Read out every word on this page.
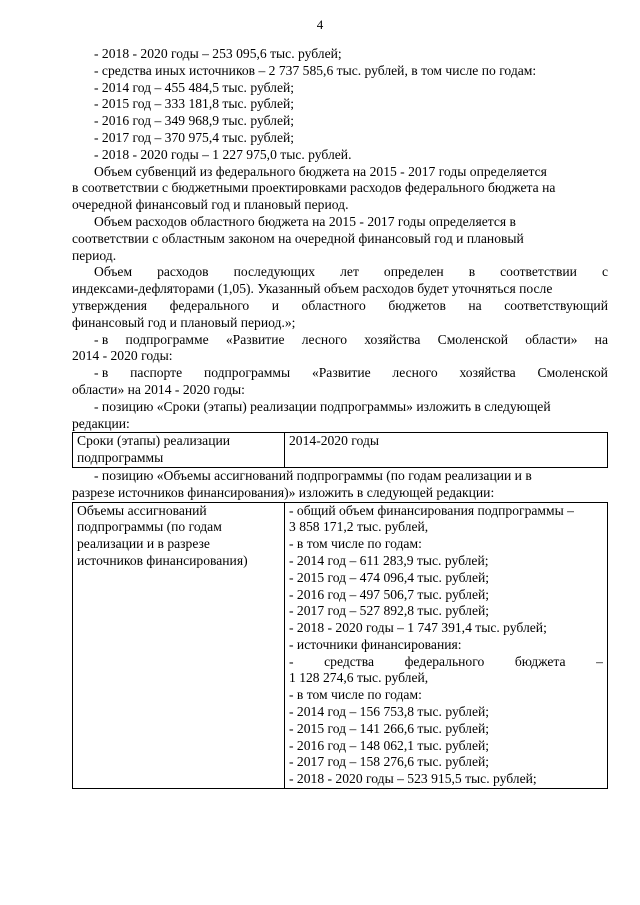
4
- 2018 - 2020 годы – 253 095,6 тыс. рублей;
- средства иных источников – 2 737 585,6 тыс. рублей, в том числе по годам:
- 2014 год – 455 484,5 тыс. рублей;
- 2015 год – 333 181,8 тыс. рублей;
- 2016 год – 349 968,9 тыс. рублей;
- 2017 год – 370 975,4 тыс. рублей;
- 2018 - 2020 годы – 1 227 975,0 тыс. рублей.
Объем субвенций из федерального бюджета на 2015 - 2017 годы определяется
в соответствии с бюджетными проектировками расходов федерального бюджета на
очередной финансовый год и плановый период.
Объем расходов областного бюджета на 2015 - 2017 годы определяется в
соответствии с областным законом на очередной финансовый год и плановый
период.
Объем расходов последующих лет определен в соответствии с
индексами-дефляторами (1,05). Указанный объем расходов будет уточняться после
утверждения федерального и областного бюджетов на соответствующий
финансовый год и плановый период.»;
- в подпрограмме «Развитие лесного хозяйства Смоленской области» на
2014 - 2020 годы:
- в паспорте подпрограммы «Развитие лесного хозяйства Смоленской
области» на 2014 - 2020 годы:
- позицию «Сроки (этапы) реализации подпрограммы» изложить в следующей
редакции:
Сроки (этапы) реализации
подпрограммы

2014-2020 годы
- позицию «Объемы ассигнований подпрограммы (по годам реализации и в
разрезе источников финансирования)» изложить в следующей редакции:
Объемы ассигнований
подпрограммы (по годам
реализации и в разрезе
источников финансирования)

- общий объем финансирования подпрограммы –
3 858 171,2 тыс. рублей,
- в том числе по годам:
- 2014 год – 611 283,9 тыс. рублей;
- 2015 год – 474 096,4 тыс. рублей;
- 2016 год – 497 506,7 тыс. рублей;
- 2017 год – 527 892,8 тыс. рублей;
- 2018 - 2020 годы – 1 747 391,4 тыс. рублей;
- источники финансирования:
- средства федерального бюджета –
1 128 274,6 тыс. рублей,
- в том числе по годам:
- 2014 год – 156 753,8 тыс. рублей;
- 2015 год – 141 266,6 тыс. рублей;
- 2016 год – 148 062,1 тыс. рублей;
- 2017 год – 158 276,6 тыс. рублей;
- 2018 - 2020 годы – 523 915,5 тыс. рублей;
